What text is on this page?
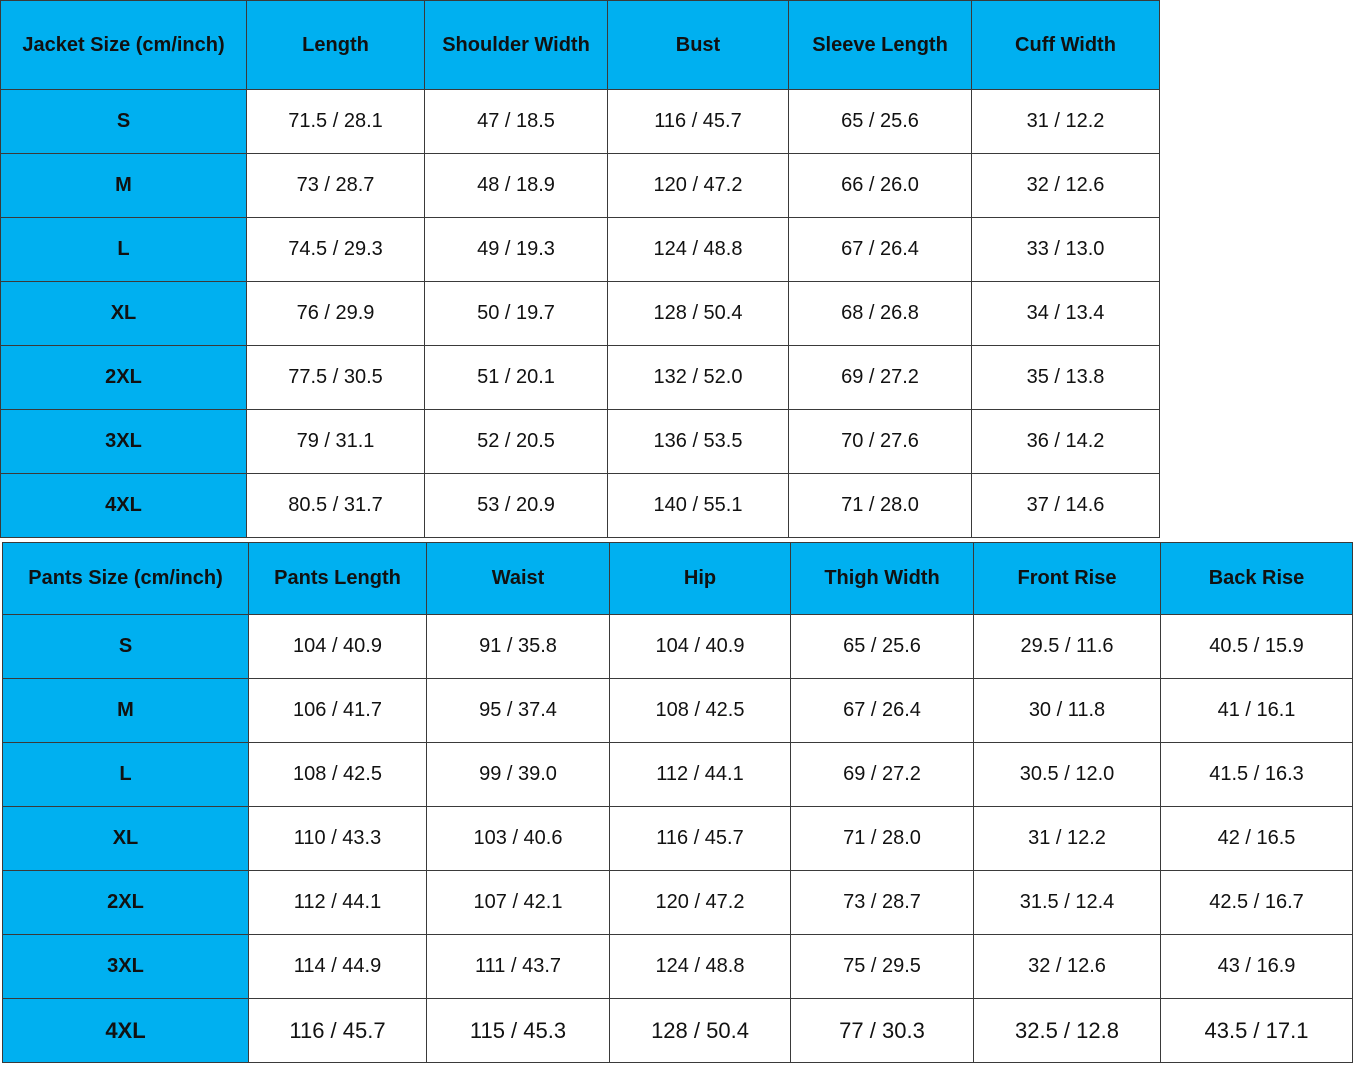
Jacket Size (cm/inch)	Length	Shoulder Width	Bust	Sleeve Length	Cuff Width
S	71.5 / 28.1	47 / 18.5	116 / 45.7	65 / 25.6	31 / 12.2
M	73 / 28.7	48 / 18.9	120 / 47.2	66 / 26.0	32 / 12.6
L	74.5 / 29.3	49 / 19.3	124 / 48.8	67 / 26.4	33 / 13.0
XL	76 / 29.9	50 / 19.7	128 / 50.4	68 / 26.8	34 / 13.4
2XL	77.5 / 30.5	51 / 20.1	132 / 52.0	69 / 27.2	35 / 13.8
3XL	79 / 31.1	52 / 20.5	136 / 53.5	70 / 27.6	36 / 14.2
4XL	80.5 / 31.7	53 / 20.9	140 / 55.1	71 / 28.0	37 / 14.6
Pants Size (cm/inch)	Pants Length	Waist	Hip	Thigh Width	Front Rise	Back Rise
S	104 / 40.9	91 / 35.8	104 / 40.9	65 / 25.6	29.5 / 11.6	40.5 / 15.9
M	106 / 41.7	95 / 37.4	108 / 42.5	67 / 26.4	30 / 11.8	41 / 16.1
L	108 / 42.5	99 / 39.0	112 / 44.1	69 / 27.2	30.5 / 12.0	41.5 / 16.3
XL	110 / 43.3	103 / 40.6	116 / 45.7	71 / 28.0	31 / 12.2	42 / 16.5
2XL	112 / 44.1	107 / 42.1	120 / 47.2	73 / 28.7	31.5 / 12.4	42.5 / 16.7
3XL	114 / 44.9	111 / 43.7	124 / 48.8	75 / 29.5	32 / 12.6	43 / 16.9
4XL	116 / 45.7	115 / 45.3	128 / 50.4	77 / 30.3	32.5 / 12.8	43.5 / 17.1
